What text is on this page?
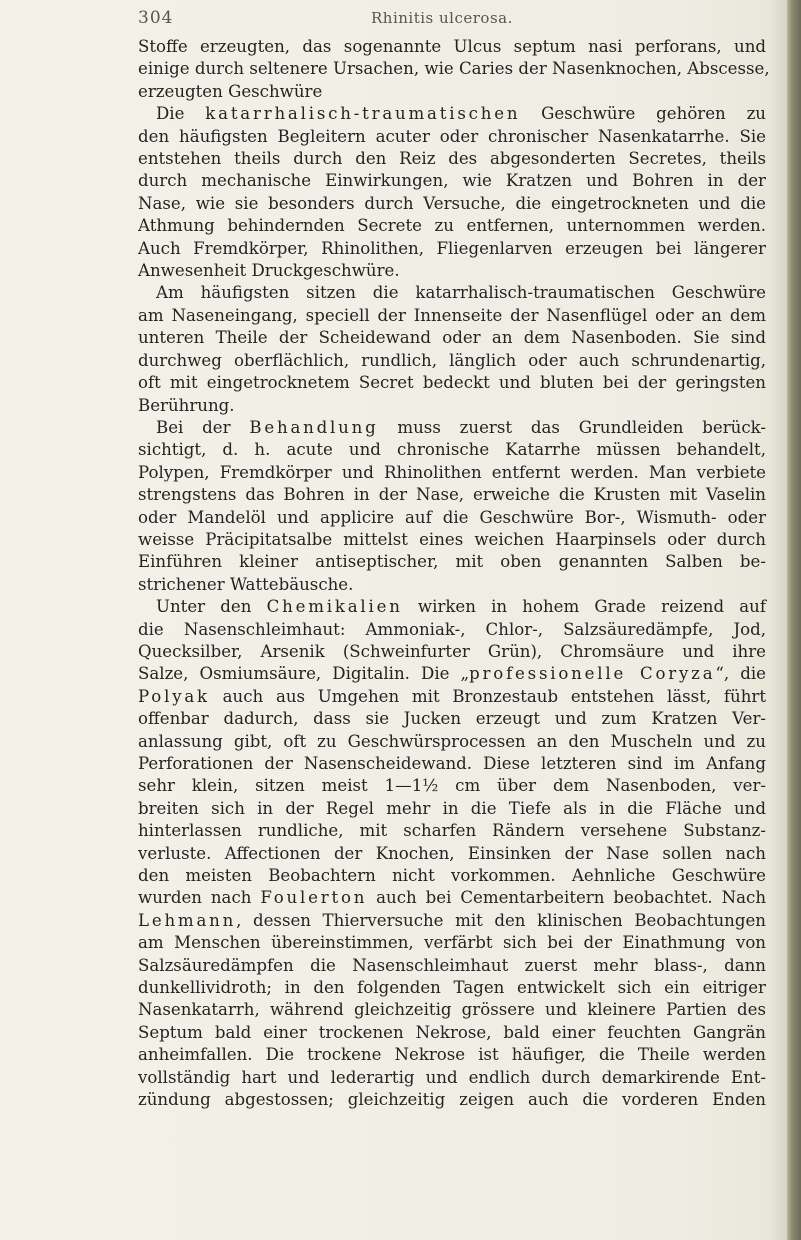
304	Rhinitis ulcerosa.
Stoffe erzeugten, das sogenannte Ulcus septum nasi perforans, und
einige durch seltenere Ursachen, wie Caries der Nasenknochen, Abscesse,
erzeugten Geschwüre
Die katarrhalisch-traumatischen Geschwüre gehören zu
den häufigsten Begleitern acuter oder chronischer Nasenkatarrhe. Sie
entstehen theils durch den Reiz des abgesonderten Secretes, theils
durch mechanische Einwirkungen, wie Kratzen und Bohren in der
Nase, wie sie besonders durch Versuche, die eingetrockneten und die
Athmung behindernden Secrete zu entfernen, unternommen werden.
Auch Fremdkörper, Rhinolithen, Fliegenlarven erzeugen bei längerer
Anwesenheit Druckgeschwüre.
Am häufigsten sitzen die katarrhalisch-traumatischen Geschwüre
am Naseneingang, speciell der Innenseite der Nasenflügel oder an dem
unteren Theile der Scheidewand oder an dem Nasenboden. Sie sind
durchweg oberflächlich, rundlich, länglich oder auch schrundenartig,
oft mit eingetrocknetem Secret bedeckt und bluten bei der geringsten
Berührung.
Bei der Behandlung muss zuerst das Grundleiden berück-
sichtigt, d. h. acute und chronische Katarrhe müssen behandelt,
Polypen, Fremdkörper und Rhinolithen entfernt werden. Man verbiete
strengstens das Bohren in der Nase, erweiche die Krusten mit Vaselin
oder Mandelöl und applicire auf die Geschwüre Bor-, Wismuth- oder
weisse Präcipitatsalbe mittelst eines weichen Haarpinsels oder durch
Einführen kleiner antiseptischer, mit oben genannten Salben be-
strichener Wattebäusche.
Unter den Chemikalien wirken in hohem Grade reizend auf
die Nasenschleimhaut: Ammoniak-, Chlor-, Salzsäuredämpfe, Jod,
Quecksilber, Arsenik (Schweinfurter Grün), Chromsäure und ihre
Salze, Osmiumsäure, Digitalin. Die „professionelle Coryza“, die
Polyak auch aus Umgehen mit Bronzestaub entstehen lässt, führt
offenbar dadurch, dass sie Jucken erzeugt und zum Kratzen Ver-
anlassung gibt, oft zu Geschwürsprocessen an den Muscheln und zu
Perforationen der Nasenscheidewand. Diese letzteren sind im Anfang
sehr klein, sitzen meist 1—1½ cm über dem Nasenboden, ver-
breiten sich in der Regel mehr in die Tiefe als in die Fläche und
hinterlassen rundliche, mit scharfen Rändern versehene Substanz-
verluste. Affectionen der Knochen, Einsinken der Nase sollen nach
den meisten Beobachtern nicht vorkommen. Aehnliche Geschwüre
wurden nach Foulerton auch bei Cementarbeitern beobachtet. Nach
Lehmann, dessen Thierversuche mit den klinischen Beobachtungen
am Menschen übereinstimmen, verfärbt sich bei der Einathmung von
Salzsäuredämpfen die Nasenschleimhaut zuerst mehr blass-, dann
dunkellividroth; in den folgenden Tagen entwickelt sich ein eitriger
Nasenkatarrh, während gleichzeitig grössere und kleinere Partien des
Septum bald einer trockenen Nekrose, bald einer feuchten Gangrän
anheimfallen. Die trockene Nekrose ist häufiger, die Theile werden
vollständig hart und lederartig und endlich durch demarkirende Ent-
zündung abgestossen; gleichzeitig zeigen auch die vorderen Enden
